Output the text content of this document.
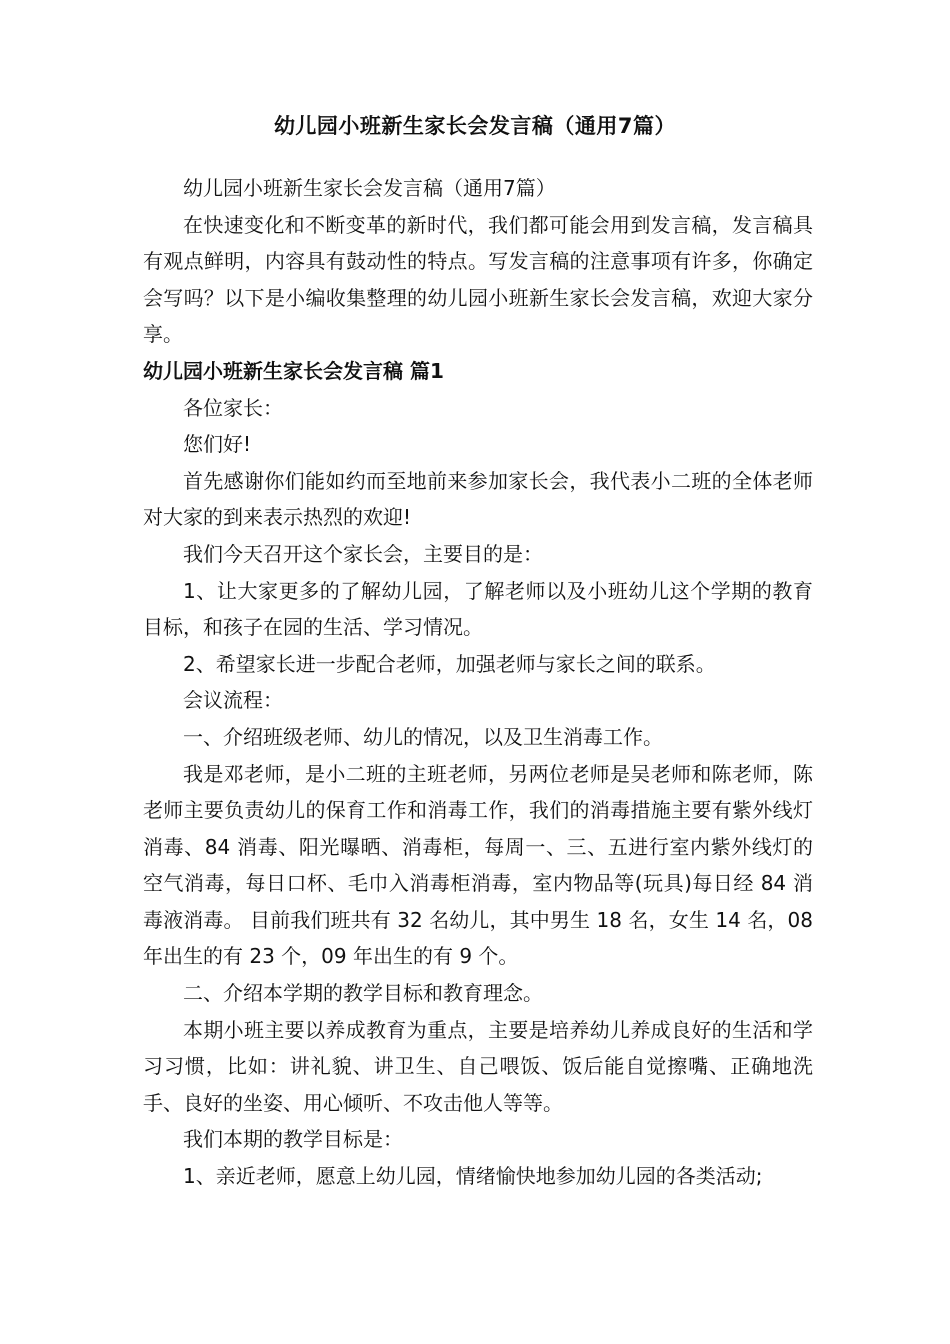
幼儿园小班新生家长会发言稿（通用7篇）

幼儿园小班新生家长会发言稿（通用7篇）

在快速变化和不断变革的新时代，我们都可能会用到发言稿，发言稿具有观点鲜明，内容具有鼓动性的特点。写发言稿的注意事项有许多，你确定会写吗？以下是小编收集整理的幼儿园小班新生家长会发言稿，欢迎大家分享。

幼儿园小班新生家长会发言稿 篇1

各位家长：

您们好!

首先感谢你们能如约而至地前来参加家长会，我代表小二班的全体老师对大家的到来表示热烈的欢迎!

我们今天召开这个家长会，主要目的是：

1、让大家更多的了解幼儿园，了解老师以及小班幼儿这个学期的教育目标，和孩子在园的生活、学习情况。

2、希望家长进一步配合老师，加强老师与家长之间的联系。

会议流程：

一、介绍班级老师、幼儿的情况，以及卫生消毒工作。

我是邓老师，是小二班的主班老师，另两位老师是吴老师和陈老师，陈老师主要负责幼儿的保育工作和消毒工作，我们的消毒措施主要有紫外线灯消毒、84 消毒、阳光曝晒、消毒柜，每周一、三、五进行室内紫外线灯的空气消毒，每日口杯、毛巾入消毒柜消毒，室内物品等(玩具)每日经 84 消毒液消毒。 目前我们班共有 32 名幼儿，其中男生 18 名，女生 14 名，08 年出生的有 23 个，09 年出生的有 9 个。

二、介绍本学期的教学目标和教育理念。

本期小班主要以养成教育为重点，主要是培养幼儿养成良好的生活和学习习惯，比如：讲礼貌、讲卫生、自己喂饭、饭后能自觉擦嘴、正确地洗手、良好的坐姿、用心倾听、不攻击他人等等。

我们本期的教学目标是：

1、亲近老师，愿意上幼儿园，情绪愉快地参加幼儿园的各类活动;
